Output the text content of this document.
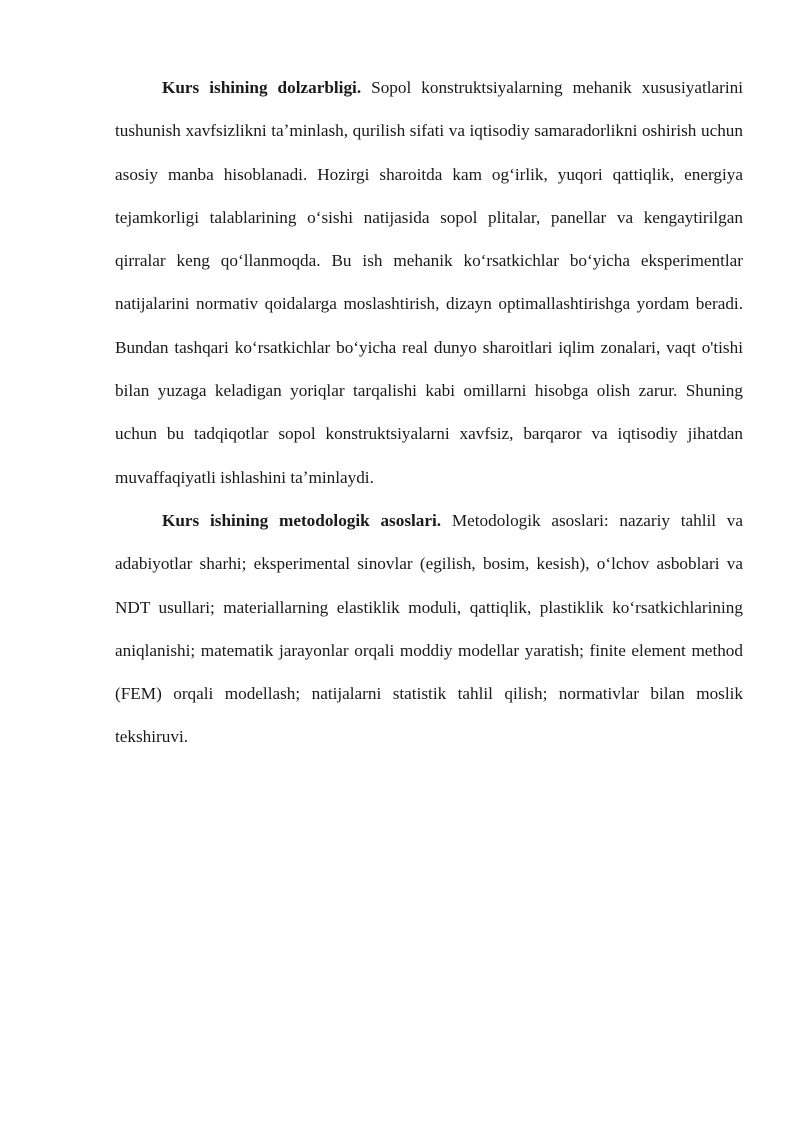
Kurs ishining dolzarbligi. Sopol konstruktsiyalarning mehanik xususiyatlarini tushunish xavfsizlikni taʼminlash, qurilish sifati va iqtisodiy samaradorlikni oshirish uchun asosiy manba hisoblanadi. Hozirgi sharoitda kam ogʻirlik, yuqori qattiqlik, energiya tejamkorligi talablarining oʻsishi natijasida sopol plitalar, panellar va kengaytirilgan qirralar keng qoʻllanmoqda. Bu ish mehanik koʻrsatkichlar boʻyicha eksperimentlar natijalarini normativ qoidalarga moslashtirish, dizayn optimallashtirishga yordam beradi. Bundan tashqari koʻrsatkichlar boʻyicha real dunyo sharoitlari iqlim zonalari, vaqt o'tishi bilan yuzaga keladigan yoriqlar tarqalishi kabi omillarni hisobga olish zarur. Shuning uchun bu tadqiqotlar sopol konstruktsiyalarni xavfsiz, barqaror va iqtisodiy jihatdan muvaffaqiyatli ishlashini taʼminlaydi.

Kurs ishining metodologik asoslari. Metodologik asoslari: nazariy tahlil va adabiyotlar sharhi; eksperimental sinovlar (egilish, bosim, kesish), oʻlchov asboblari va NDT usullari; materiallarning elastiklik moduli, qattiqlik, plastiklik koʻrsatkichlarining aniqlanishi; matematik jarayonlar orqali moddiy modellar yaratish; finite element method (FEM) orqali modellash; natijalarni statistik tahlil qilish; normativlar bilan moslik tekshiruvi.
